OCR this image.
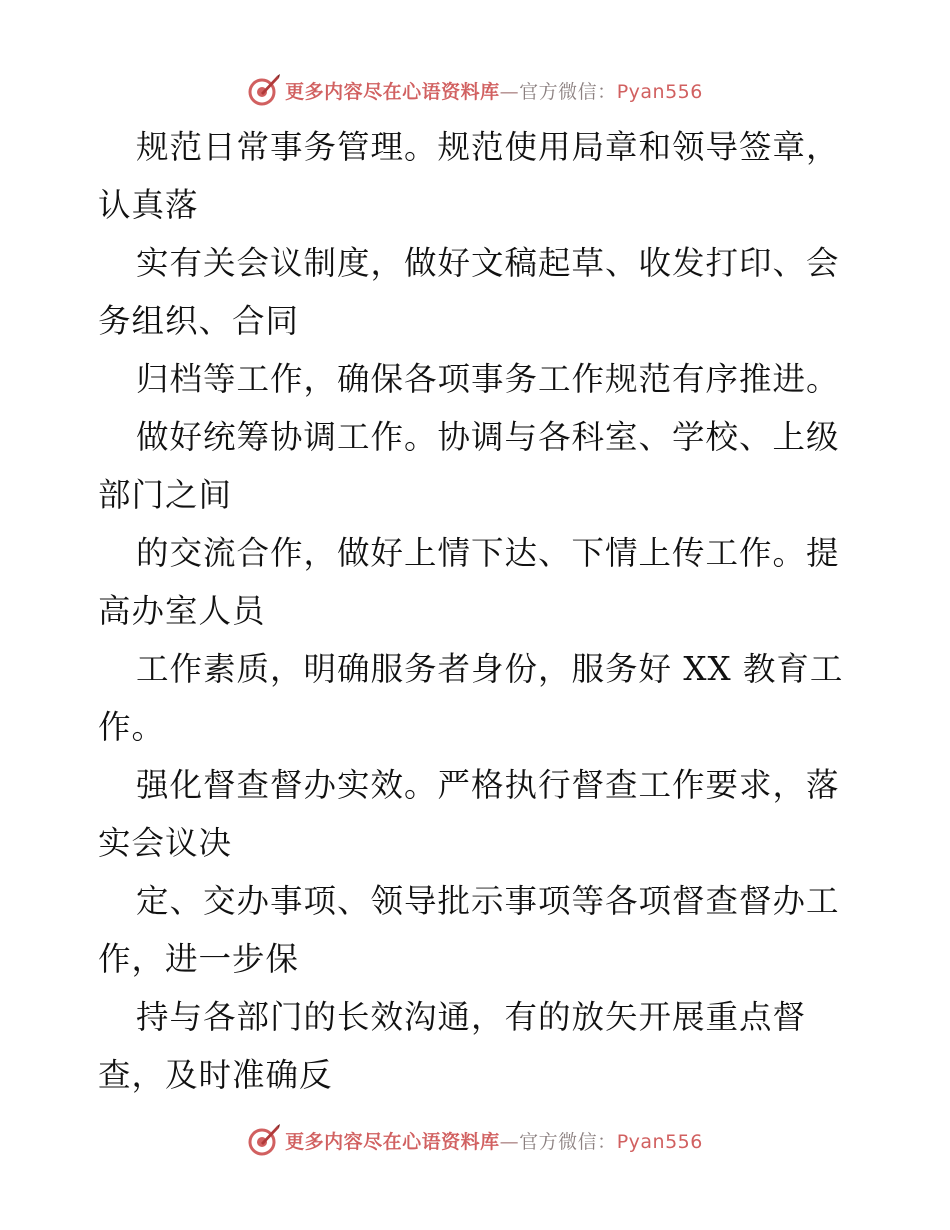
更多内容尽在心语资料库—官方微信：Pyan556
规范日常事务管理。规范使用局章和领导签章，
认真落
实有关会议制度，做好文稿起草、收发打印、会
务组织、合同
归档等工作，确保各项事务工作规范有序推进。
做好统筹协调工作。协调与各科室、学校、上级
部门之间
的交流合作，做好上情下达、下情上传工作。提
高办室人员
工作素质，明确服务者身份，服务好 XX 教育工
作。
强化督查督办实效。严格执行督查工作要求，落
实会议决
定、交办事项、领导批示事项等各项督查督办工
作，进一步保
持与各部门的长效沟通，有的放矢开展重点督
查，及时准确反
更多内容尽在心语资料库—官方微信：Pyan556
